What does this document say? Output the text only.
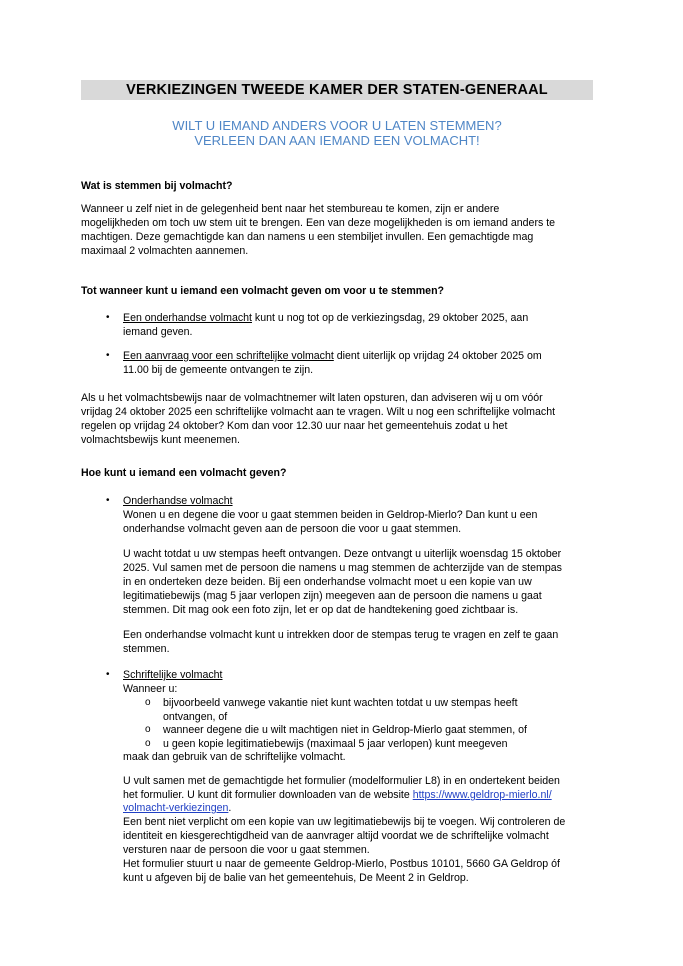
VERKIEZINGEN TWEEDE KAMER DER STATEN-GENERAAL
WILT U IEMAND ANDERS VOOR U LATEN STEMMEN?
VERLEEN DAN AAN IEMAND EEN VOLMACHT!
Wat is stemmen bij volmacht?
Wanneer u zelf niet in de gelegenheid bent naar het stembureau te komen, zijn er andere
mogelijkheden om toch uw stem uit te brengen. Een van deze mogelijkheden is om iemand anders te
machtigen. Deze gemachtigde kan dan namens u een stembiljet invullen. Een gemachtigde mag
maximaal 2 volmachten aannemen.
Tot wanneer kunt u iemand een volmacht geven om voor u te stemmen?
• Een onderhandse volmacht kunt u nog tot op de verkiezingsdag, 29 oktober 2025, aan
iemand geven.
• Een aanvraag voor een schriftelijke volmacht dient uiterlijk op vrijdag 24 oktober 2025 om
11.00 bij de gemeente ontvangen te zijn.
Als u het volmachtsbewijs naar de volmachtnemer wilt laten opsturen, dan adviseren wij u om vóór
vrijdag 24 oktober 2025 een schriftelijke volmacht aan te vragen. Wilt u nog een schriftelijke volmacht
regelen op vrijdag 24 oktober? Kom dan voor 12.30 uur naar het gemeentehuis zodat u het
volmachtsbewijs kunt meenemen.
Hoe kunt u iemand een volmacht geven?
• Onderhandse volmacht
Wonen u en degene die voor u gaat stemmen beiden in Geldrop-Mierlo? Dan kunt u een
onderhandse volmacht geven aan de persoon die voor u gaat stemmen.
U wacht totdat u uw stempas heeft ontvangen. Deze ontvangt u uiterlijk woensdag 15 oktober
2025. Vul samen met de persoon die namens u mag stemmen de achterzijde van de stempas
in en onderteken deze beiden. Bij een onderhandse volmacht moet u een kopie van uw
legitimatiebewijs (mag 5 jaar verlopen zijn) meegeven aan de persoon die namens u gaat
stemmen. Dit mag ook een foto zijn, let er op dat de handtekening goed zichtbaar is.
Een onderhandse volmacht kunt u intrekken door de stempas terug te vragen en zelf te gaan
stemmen.
• Schriftelijke volmacht
Wanneer u:
o bijvoorbeeld vanwege vakantie niet kunt wachten totdat u uw stempas heeft
ontvangen, of
o wanneer degene die u wilt machtigen niet in Geldrop-Mierlo gaat stemmen, of
o u geen kopie legitimatiebewijs (maximaal 5 jaar verlopen) kunt meegeven
maak dan gebruik van de schriftelijke volmacht.
U vult samen met de gemachtigde het formulier (modelformulier L8) in en ondertekent beiden
het formulier. U kunt dit formulier downloaden van de website https://www.geldrop-mierlo.nl/
volmacht-verkiezingen.
Een bent niet verplicht om een kopie van uw legitimatiebewijs bij te voegen. Wij controleren de
identiteit en kiesgerechtigdheid van de aanvrager altijd voordat we de schriftelijke volmacht
versturen naar de persoon die voor u gaat stemmen.
Het formulier stuurt u naar de gemeente Geldrop-Mierlo, Postbus 10101, 5660 GA Geldrop óf
kunt u afgeven bij de balie van het gemeentehuis, De Meent 2 in Geldrop.
